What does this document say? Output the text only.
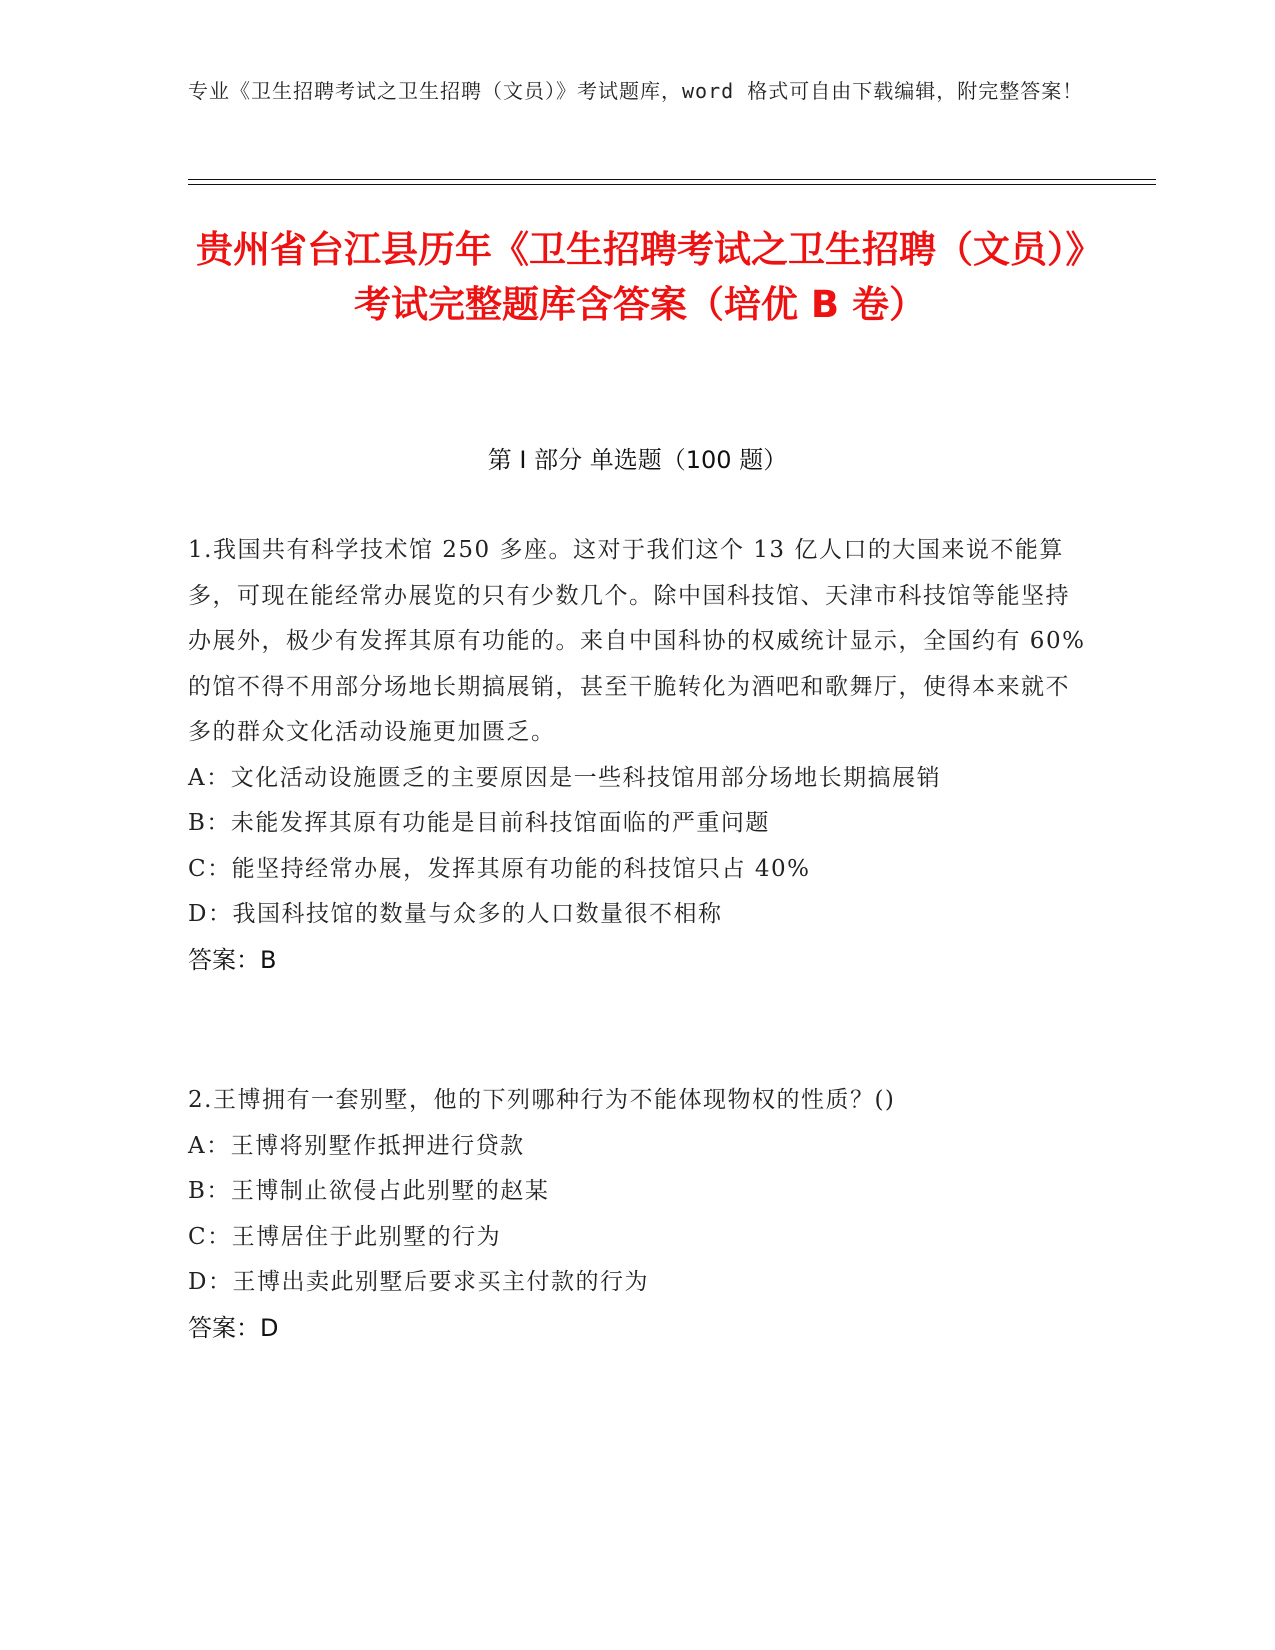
专业《卫生招聘考试之卫生招聘（文员）》考试题库，word 格式可自由下载编辑，附完整答案！
贵州省台江县历年《卫生招聘考试之卫生招聘（文员）》考试完整题库含答案（培优 B 卷）
第 I 部分 单选题（100 题）
1.我国共有科学技术馆 250 多座。这对于我们这个 13 亿人口的大国来说不能算多，可现在能经常办展览的只有少数几个。除中国科技馆、天津市科技馆等能坚持办展外，极少有发挥其原有功能的。来自中国科协的权威统计显示，全国约有 60%的馆不得不用部分场地长期搞展销，甚至干脆转化为酒吧和歌舞厅，使得本来就不多的群众文化活动设施更加匮乏。
A：文化活动设施匮乏的主要原因是一些科技馆用部分场地长期搞展销
B：未能发挥其原有功能是目前科技馆面临的严重问题
C：能坚持经常办展，发挥其原有功能的科技馆只占 40%
D：我国科技馆的数量与众多的人口数量很不相称
答案：B
2.王博拥有一套别墅，他的下列哪种行为不能体现物权的性质？()
A：王博将别墅作抵押进行贷款
B：王博制止欲侵占此别墅的赵某
C：王博居住于此别墅的行为
D：王博出卖此别墅后要求买主付款的行为
答案：D
